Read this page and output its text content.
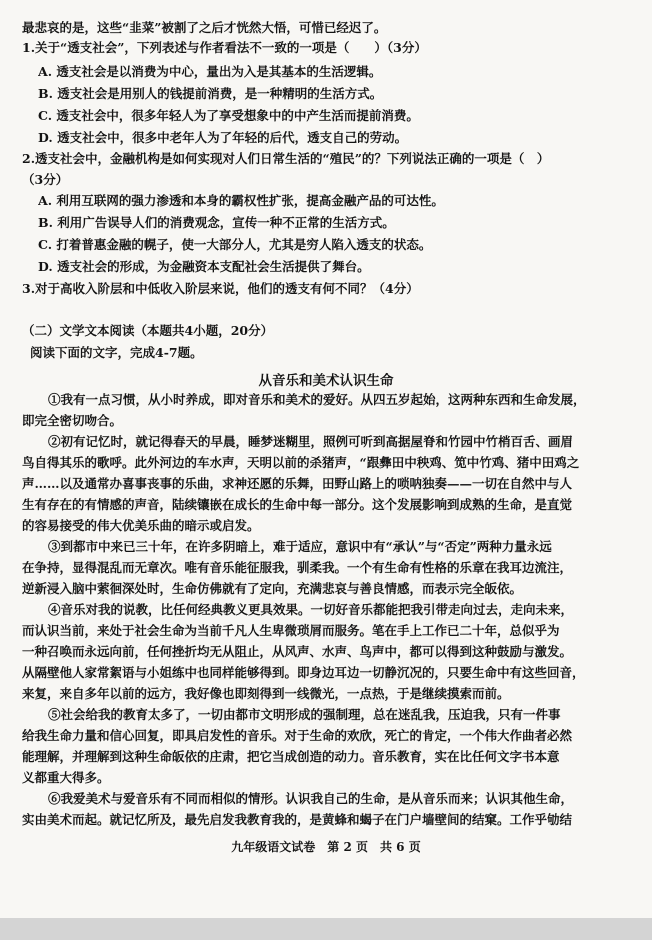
最悲哀的是，这些“韭菜”被割了之后才恍然大悟，可惜已经迟了。
1.关于“透支社会”，下列表述与作者看法不一致的一项是（　　）（3分）
A. 透支社会是以消费为中心，量出为入是其基本的生活逻辑。
B. 透支社会是用别人的钱提前消费，是一种精明的生活方式。
C. 透支社会中，很多年轻人为了享受想象中的中产生活而提前消费。
D. 透支社会中，很多中老年人为了年轻的后代，透支自己的劳动。
2.透支社会中，金融机构是如何实现对人们日常生活的“殖民”的？下列说法正确的一项是（　）
（3分）
A. 利用互联网的强力渗透和本身的霸权性扩张，提高金融产品的可达性。
B. 利用广告误导人们的消费观念，宣传一种不正常的生活方式。
C. 打着普惠金融的幌子，使一大部分人，尤其是穷人陷入透支的状态。
D. 透支社会的形成，为金融资本支配社会生活提供了舞台。
3.对于高收入阶层和中低收入阶层来说，他们的透支有何不同？（4分）
（二）文学文本阅读（本题共4小题，20分）
阅读下面的文字，完成4-7题。
从音乐和美术认识生命
①我有一点习惯，从小时养成，即对音乐和美术的爱好。从四五岁起始，这两种东西和生命发展，
即完全密切吻合。
②初有记忆时，就记得春天的早晨，睡梦迷糊里，照例可听到高据屋脊和竹园中竹梢百舌、画眉
鸟自得其乐的歌呼。此外河边的车水声，天明以前的杀猪声，“跟彝田中秧鸡、笕中竹鸡、猪中田鸡之
声……以及通常办喜事丧事的乐曲，求神还愿的乐舞，田野山路上的唢呐独奏——一切在自然中与人
生有存在的有情感的声音，陆续镶嵌在成长的生命中每一部分。这个发展影响到成熟的生命，是直觉
的容易接受的伟大优美乐曲的暗示或启发。
③到都市中来已三十年，在许多阴暗上，难于适应，意识中有“承认”与“否定”两种力量永远
在争持，显得混乱而无章次。唯有音乐能征服我，驯柔我。一个有生命有性格的乐章在我耳边流注，
逆新浸入脑中萦徊深处时，生命仿佛就有了定向，充满悲哀与善良情感，而表示完全皈依。
④音乐对我的说教，比任何经典教义更具效果。一切好音乐都能把我引带走向过去，走向未来，
而认识当前，来处于社会生命为当前千凡人生卑微琐屑而服务。笔在手上工作已二十年，总似乎为
一种召唤而永远向前，任何挫折均无从阻止，从风声、水声、鸟声中，都可以得到这种鼓励与激发。
从隔壁他人家常絮语与小姐练中也同样能够得到。即身边耳边一切静沉况的，只要生命中有这些回音，
来复，来自多年以前的远方，我好像也即刻得到一线微光，一点热，于是继续摸索而前。
⑤社会给我的教育太多了，一切由都市文明形成的强制理，总在迷乱我，压迫我，只有一件事
给我生命力量和信心回复，即具启发性的音乐。对于生命的欢欣，死亡的肯定，一个伟大作曲者必然
能理解，并理解到这种生命皈依的庄肃，把它当成创造的动力。音乐教育，实在比任何文字书本意
义都重大得多。
⑥我爱美术与爱音乐有不同而相似的情形。认识我自己的生命，是从音乐而来；认识其他生命，
实由美术而起。就记忆所及，最先启发我教育我的，是黄蜂和蝎子在门户墙壁间的结窠。工作乎劬结
九年级语文试卷　第 2 页　共 6 页
